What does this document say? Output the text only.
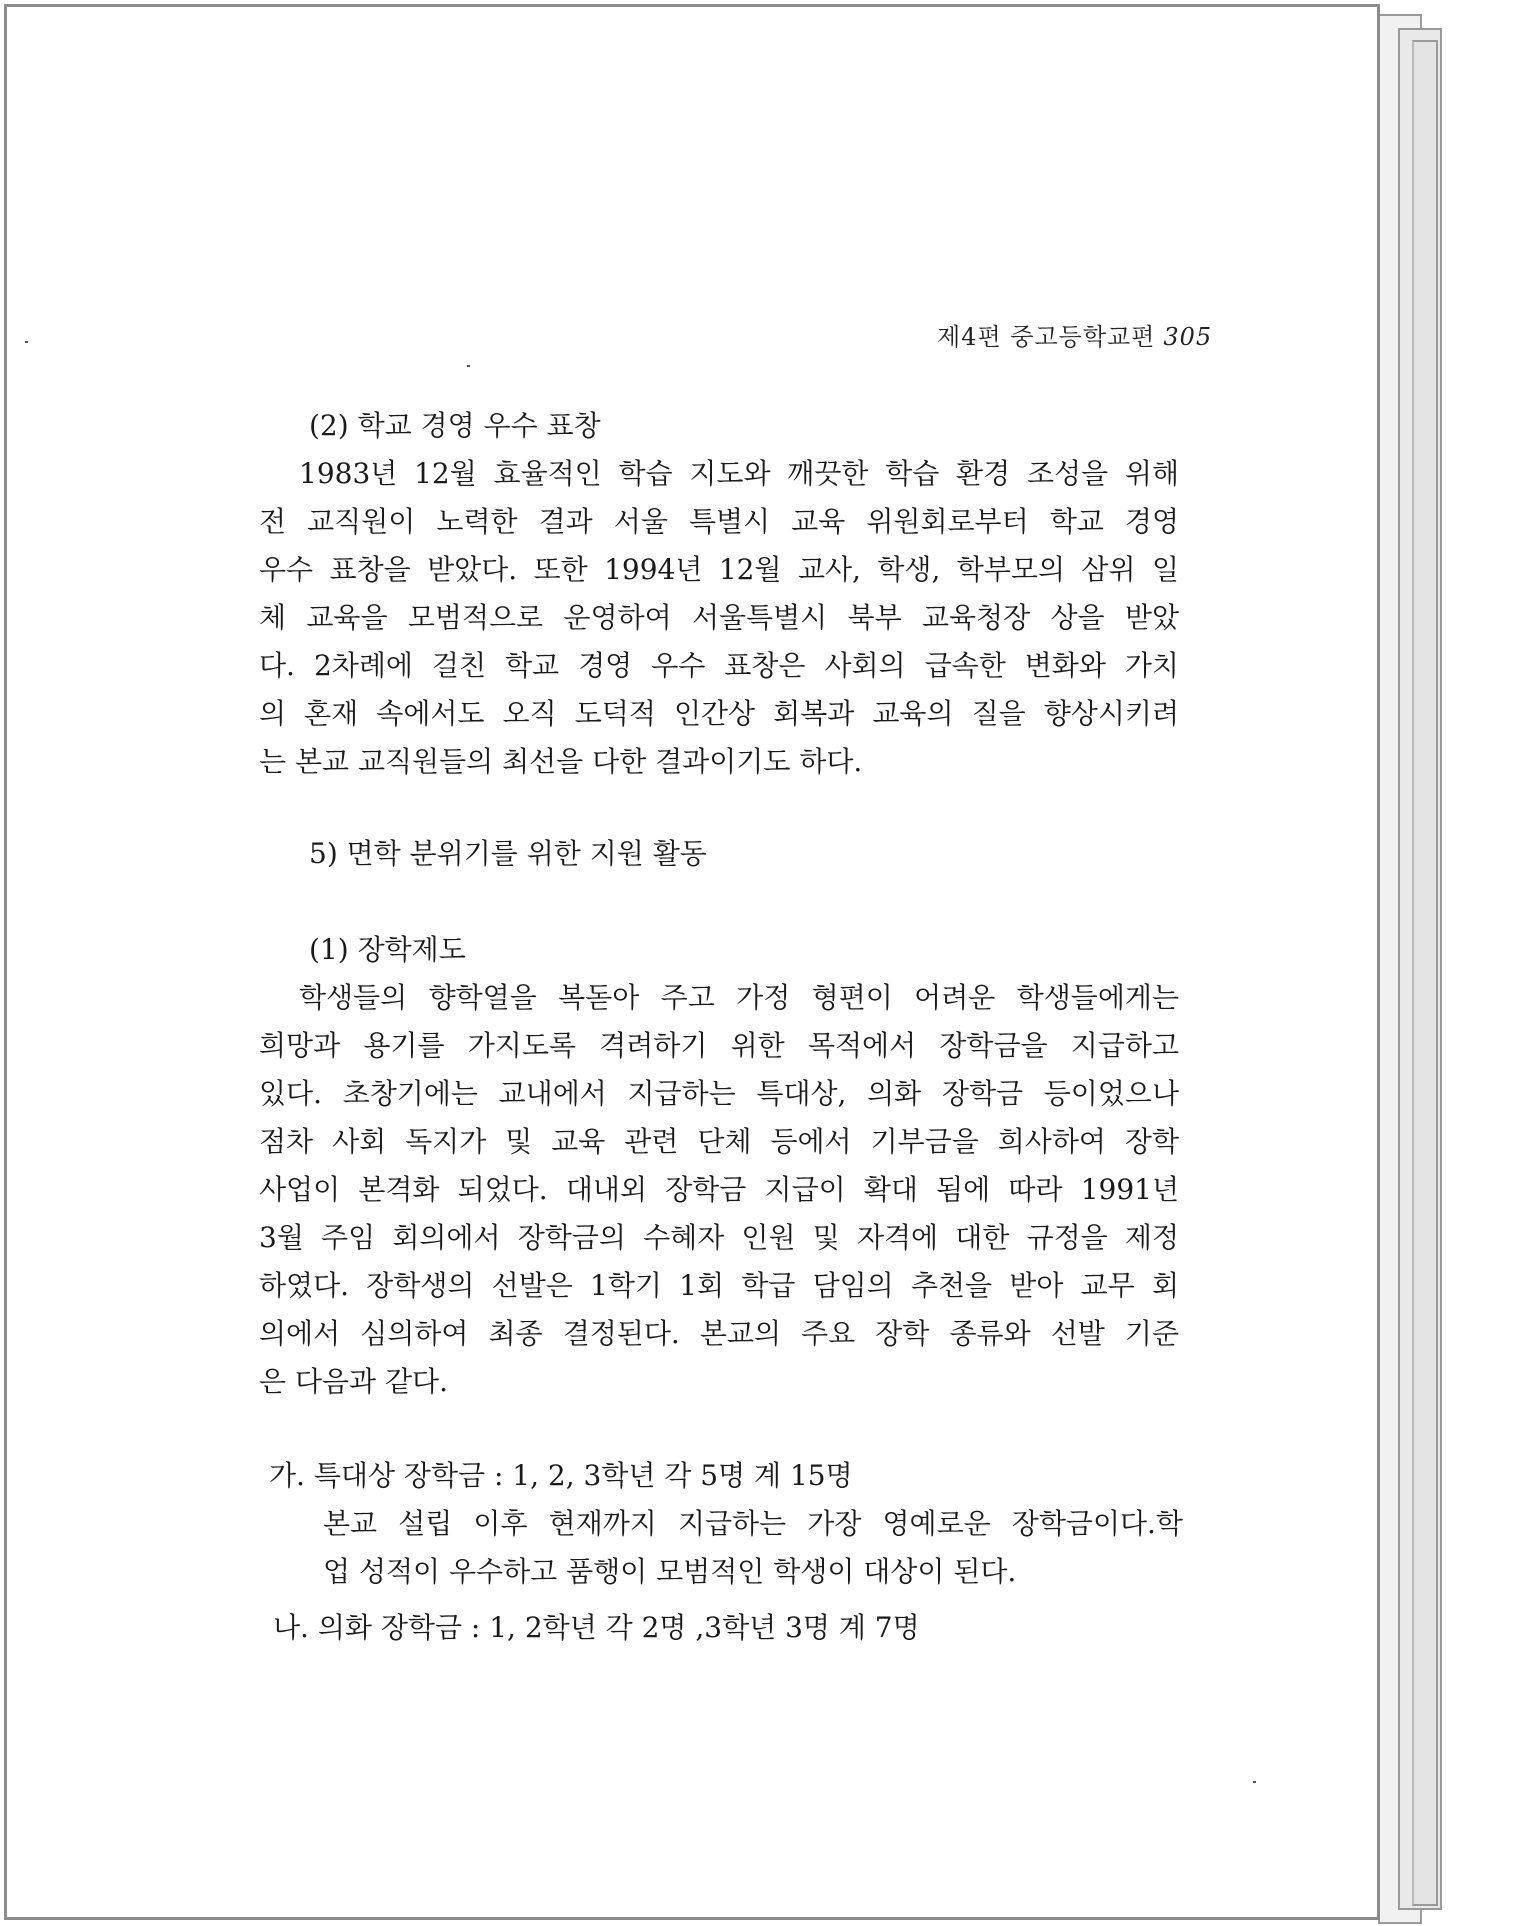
제4편 중고등학교편 305
(2) 학교 경영 우수 표창
1983년 12월 효율적인 학습 지도와 깨끗한 학습 환경 조성을 위해
전 교직원이 노력한 결과 서울 특별시 교육 위원회로부터 학교 경영
우수 표창을 받았다. 또한 1994년 12월 교사, 학생, 학부모의 삼위 일
체 교육을 모범적으로 운영하여 서울특별시 북부 교육청장 상을 받았
다. 2차례에 걸친 학교 경영 우수 표창은 사회의 급속한 변화와 가치
의 혼재 속에서도 오직 도덕적 인간상 회복과 교육의 질을 향상시키려
는 본교 교직원들의 최선을 다한 결과이기도 하다.
5) 면학 분위기를 위한 지원 활동
(1) 장학제도
학생들의 향학열을 복돋아 주고 가정 형편이 어려운 학생들에게는
희망과 용기를 가지도록 격려하기 위한 목적에서 장학금을 지급하고
있다. 초창기에는 교내에서 지급하는 특대상, 의화 장학금 등이었으나
점차 사회 독지가 및 교육 관련 단체 등에서 기부금을 희사하여 장학
사업이 본격화 되었다. 대내외 장학금 지급이 확대 됨에 따라 1991년
3월 주임 회의에서 장학금의 수혜자 인원 및 자격에 대한 규정을 제정
하였다. 장학생의 선발은 1학기 1회 학급 담임의 추천을 받아 교무 회
의에서 심의하여 최종 결정된다. 본교의 주요 장학 종류와 선발 기준
은 다음과 같다.
가. 특대상 장학금 : 1, 2, 3학년 각 5명 계 15명
본교 설립 이후 현재까지 지급하는 가장 영예로운 장학금이다.학
업 성적이 우수하고 품행이 모범적인 학생이 대상이 된다.
나. 의화 장학금 : 1, 2학년 각 2명 ,3학년 3명 계 7명
